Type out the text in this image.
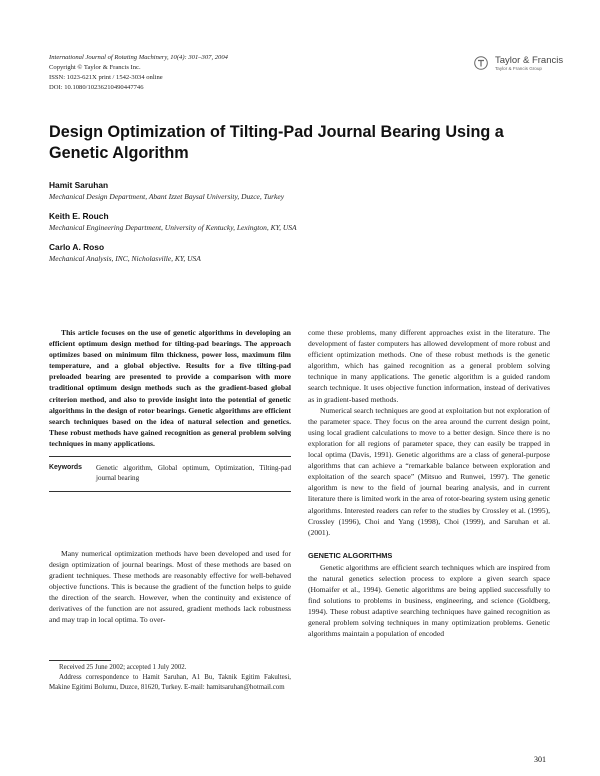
International Journal of Rotating Machinery, 10(4): 301–307, 2004
Copyright © Taylor & Francis Inc.
ISSN: 1023-621X print / 1542-3034 online
DOI: 10.1080/10236210490447746
Taylor & Francis
Taylor & Francis Group
Design Optimization of Tilting-Pad Journal Bearing Using a Genetic Algorithm
Hamit Saruhan
Mechanical Design Department, Abant Izzet Baysal University, Duzce, Turkey
Keith E. Rouch
Mechanical Engineering Department, University of Kentucky, Lexington, KY, USA
Carlo A. Roso
Mechanical Analysis, INC, Nicholasville, KY, USA

This article focuses on the use of genetic algorithms in developing an efficient optimum design method for tilting-pad bearings. The approach optimizes based on minimum film thickness, power loss, maximum film temperature, and a global objective. Results for a five tilting-pad preloaded bearing are presented to provide a comparison with more traditional optimum design methods such as the gradient-based global criterion method, and also to provide insight into the potential of genetic algorithms in the design of rotor bearings. Genetic algorithms are efficient search techniques based on the idea of natural selection and genetics. These robust methods have gained recognition as general problem solving techniques in many applications.

Keywords	Genetic algorithm, Global optimum, Optimization, Tilting-pad journal bearing

Many numerical optimization methods have been developed and used for design optimization of journal bearings. Most of these methods are based on gradient techniques. These methods are reasonably effective for well-behaved objective functions. This is because the gradient of the function helps to guide the direction of the search. However, when the continuity and existence of derivatives of the function are not assured, gradient methods lack robustness and may trap in local optima. To over-

Received 25 June 2002; accepted 1 July 2002.

Address correspondence to Hamit Saruhan, A1 Bu, Taknik Egitim Fakultesi, Makine Egitimi Bolumu, Duzce, 81620, Turkey. E-mail: hamitsaruhan@hotmail.com

come these problems, many different approaches exist in the literature. The development of faster computers has allowed development of more robust and efficient optimization methods. One of these robust methods is the genetic algorithm, which has gained recognition as a general problem solving technique in many applications. The genetic algorithm is a guided random search technique. It uses objective function information, instead of derivatives as in gradient-based methods.

Numerical search techniques are good at exploitation but not exploration of the parameter space. They focus on the area around the current design point, using local gradient calculations to move to a better design. Since there is no exploration for all regions of parameter space, they can easily be trapped in local optima (Davis, 1991). Genetic algorithms are a class of general-purpose algorithms that can achieve a “remarkable balance between exploration and exploitation of the search space” (Mitsuo and Runwei, 1997). The genetic algorithm is new to the field of journal bearing analysis, and in current literature there is limited work in the area of rotor-bearing system using genetic algorithms. Interested readers can refer to the studies by Crossley et al. (1995), Crossley (1996), Choi and Yang (1998), Choi (1999), and Saruhan et al. (2001).

GENETIC ALGORITHMS

Genetic algorithms are efficient search techniques which are inspired from the natural genetics selection process to explore a given search space (Homaifer et al., 1994). Genetic algorithms are being applied successfully to find solutions to problems in business, engineering, and science (Goldberg, 1994). These robust adaptive searching techniques have gained recognition as general problem solving techniques in many optimization problems. Genetic algorithms maintain a population of encoded

301
